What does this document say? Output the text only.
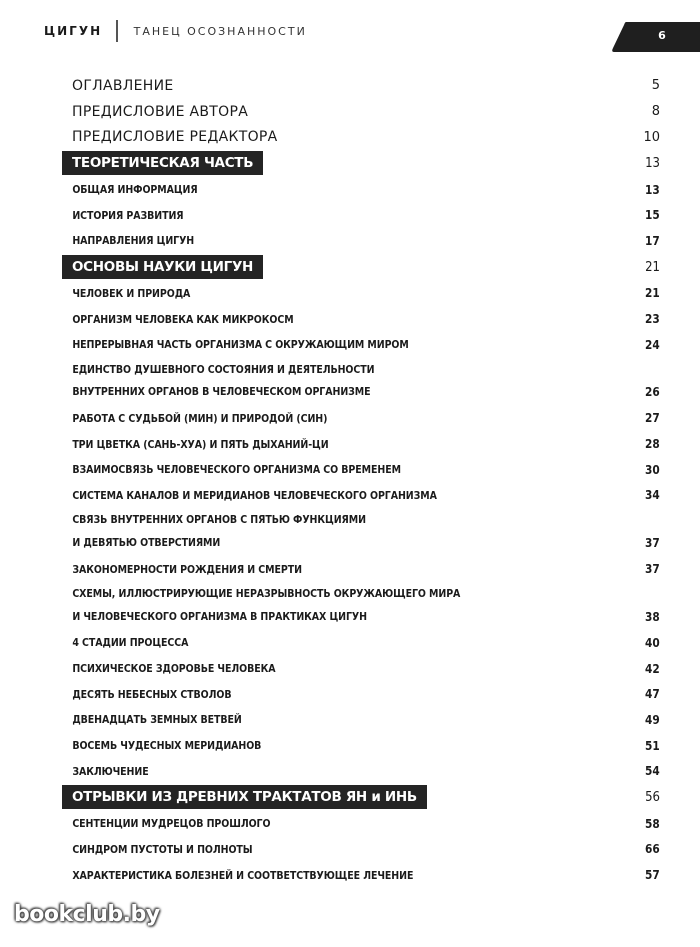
ЦИГУН	ТАНЕЦ ОСОЗНАННОСТИ	6
ОГЛАВЛЕНИЕ	5
ПРЕДИСЛОВИЕ АВТОРА	8
ПРЕДИСЛОВИЕ РЕДАКТОРА	10
ТЕОРЕТИЧЕСКАЯ ЧАСТЬ	13
ОБЩАЯ ИНФОРМАЦИЯ	13
ИСТОРИЯ РАЗВИТИЯ	15
НАПРАВЛЕНИЯ ЦИГУН	17
ОСНОВЫ НАУКИ ЦИГУН	21
ЧЕЛОВЕК И ПРИРОДА	21
ОРГАНИЗМ ЧЕЛОВЕКА КАК МИКРОКОСМ	23
НЕПРЕРЫВНАЯ ЧАСТЬ ОРГАНИЗМА С ОКРУЖАЮЩИМ МИРОМ	24
ЕДИНСТВО ДУШЕВНОГО СОСТОЯНИЯ И ДЕЯТЕЛЬНОСТИ
ВНУТРЕННИХ ОРГАНОВ В ЧЕЛОВЕЧЕСКОМ ОРГАНИЗМЕ	26
РАБОТА С СУДЬБОЙ (МИН) И ПРИРОДОЙ (СИН)	27
ТРИ ЦВЕТКА (САНЬ-ХУА) И ПЯТЬ ДЫХАНИЙ-ЦИ	28
ВЗАИМОСВЯЗЬ ЧЕЛОВЕЧЕСКОГО ОРГАНИЗМА СО ВРЕМЕНЕМ	30
СИСТЕМА КАНАЛОВ И МЕРИДИАНОВ ЧЕЛОВЕЧЕСКОГО ОРГАНИЗМА	34
СВЯЗЬ ВНУТРЕННИХ ОРГАНОВ С ПЯТЬЮ ФУНКЦИЯМИ
И ДЕВЯТЬЮ ОТВЕРСТИЯМИ	37
ЗАКОНОМЕРНОСТИ РОЖДЕНИЯ И СМЕРТИ	37
СХЕМЫ, ИЛЛЮСТРИРУЮЩИЕ НЕРАЗРЫВНОСТЬ ОКРУЖАЮЩЕГО МИРА
И ЧЕЛОВЕЧЕСКОГО ОРГАНИЗМА В ПРАКТИКАХ ЦИГУН	38
4 СТАДИИ ПРОЦЕССА	40
ПСИХИЧЕСКОЕ ЗДОРОВЬЕ ЧЕЛОВЕКА	42
ДЕСЯТЬ НЕБЕСНЫХ СТВОЛОВ	47
ДВЕНАДЦАТЬ ЗЕМНЫХ ВЕТВЕЙ	49
ВОСЕМЬ ЧУДЕСНЫХ МЕРИДИАНОВ	51
ЗАКЛЮЧЕНИЕ	54
ОТРЫВКИ ИЗ ДРЕВНИХ ТРАКТАТОВ ЯН и ИНЬ	56
СЕНТЕНЦИИ МУДРЕЦОВ ПРОШЛОГО	58
СИНДРОМ ПУСТОТЫ И ПОЛНОТЫ	66
ХАРАКТЕРИСТИКА БОЛЕЗНЕЙ И СООТВЕТСТВУЮЩЕЕ ЛЕЧЕНИЕ	57
bookclub.by
